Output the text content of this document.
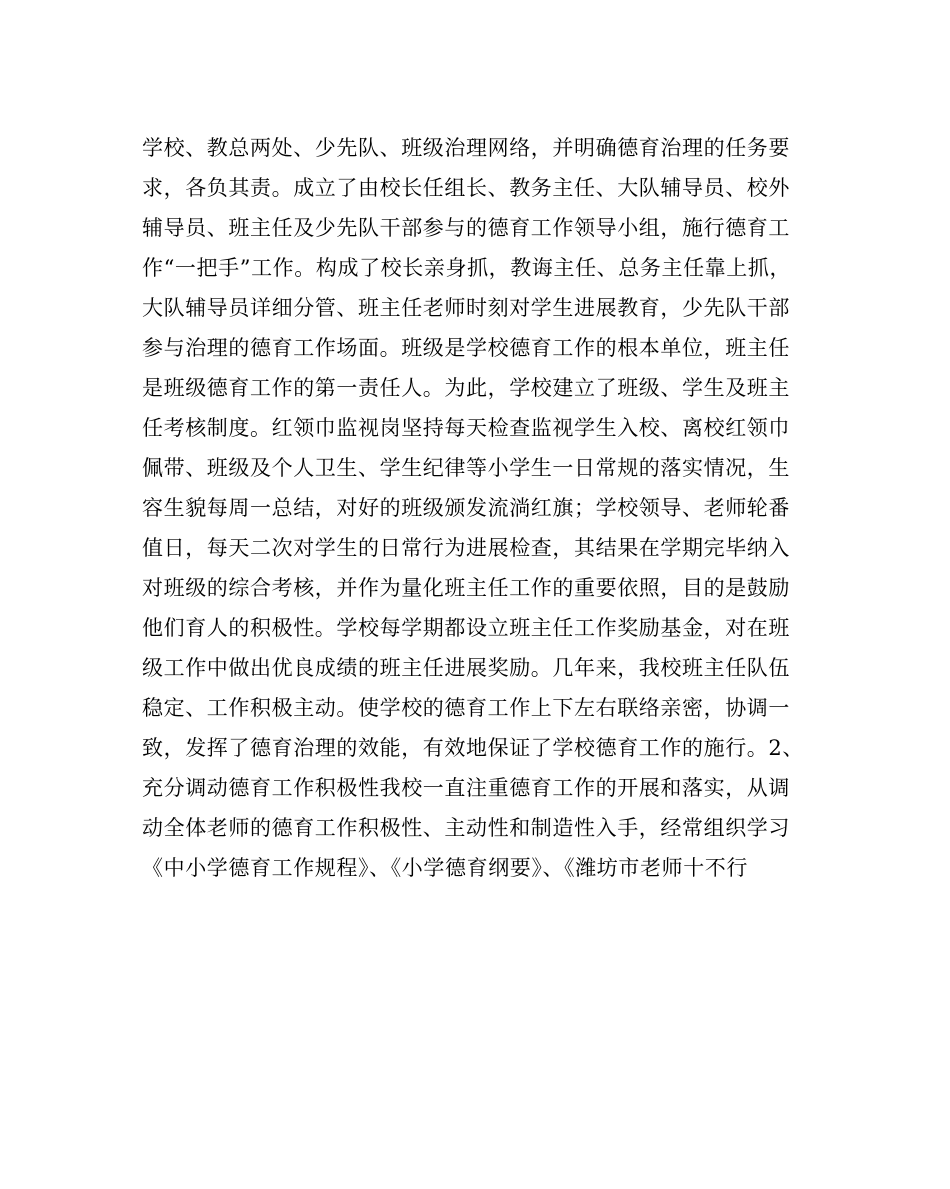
学校、教总两处、少先队、班级治理网络，并明确德育治理的任务要
求，各负其责。成立了由校长任组长、教务主任、大队辅导员、校外
辅导员、班主任及少先队干部参与的德育工作领导小组，施行德育工
作“一把手”工作。构成了校长亲身抓，教诲主任、总务主任靠上抓，
大队辅导员详细分管、班主任老师时刻对学生进展教育，少先队干部
参与治理的德育工作场面。班级是学校德育工作的根本单位，班主任
是班级德育工作的第一责任人。为此，学校建立了班级、学生及班主
任考核制度。红领巾监视岗坚持每天检查监视学生入校、离校红领巾
佩带、班级及个人卫生、学生纪律等小学生一日常规的落实情况，生
容生貌每周一总结，对好的班级颁发流淌红旗；学校领导、老师轮番
值日，每天二次对学生的日常行为进展检查，其结果在学期完毕纳入
对班级的综合考核，并作为量化班主任工作的重要依照，目的是鼓励
他们育人的积极性。学校每学期都设立班主任工作奖励基金，对在班
级工作中做出优良成绩的班主任进展奖励。几年来，我校班主任队伍
稳定、工作积极主动。使学校的德育工作上下左右联络亲密，协调一
致，发挥了德育治理的效能，有效地保证了学校德育工作的施行。2、
充分调动德育工作积极性我校一直注重德育工作的开展和落实，从调
动全体老师的德育工作积极性、主动性和制造性入手，经常组织学习
《中小学德育工作规程》、《小学德育纲要》、《潍坊市老师十不行
